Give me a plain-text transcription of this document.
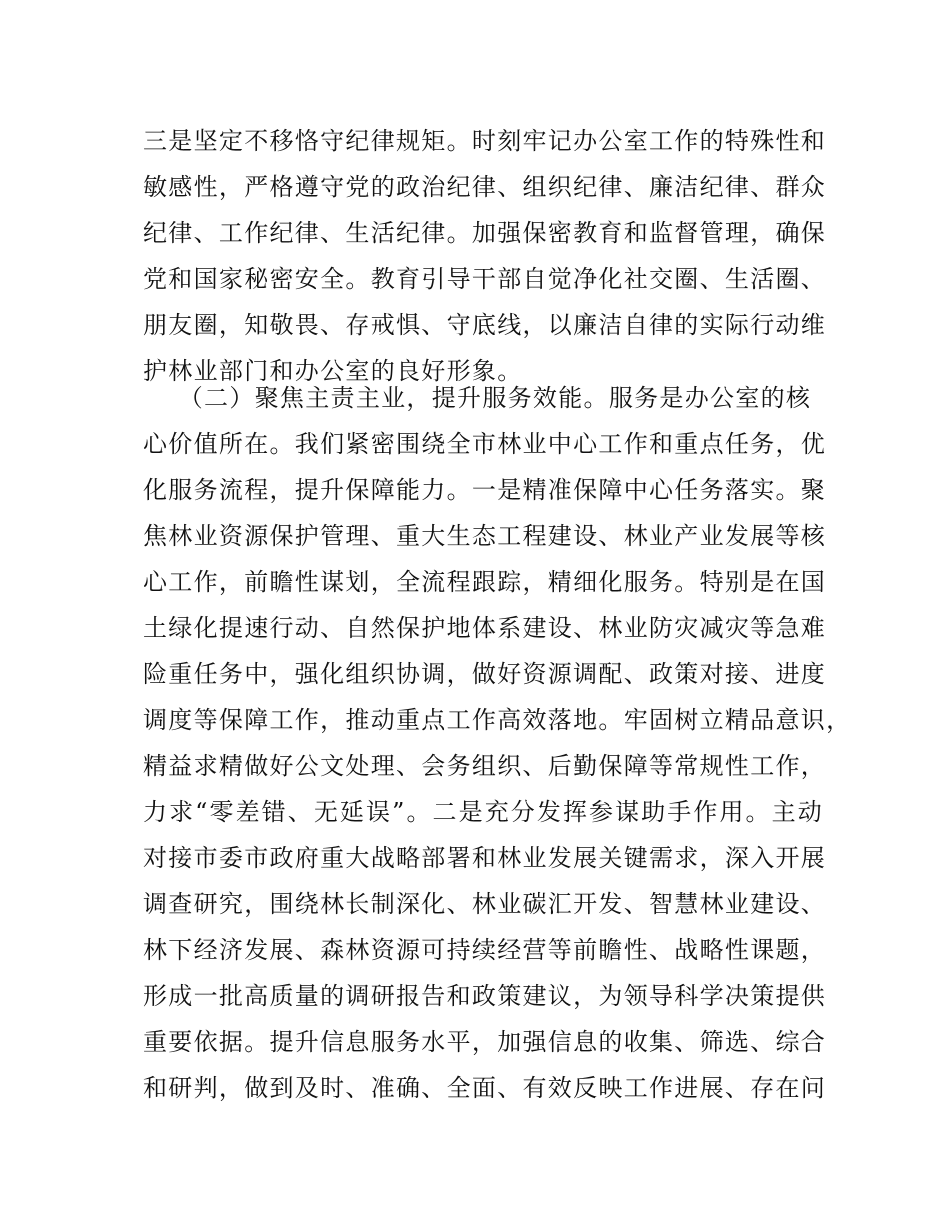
三是坚定不移恪守纪律规矩。时刻牢记办公室工作的特殊性和
敏感性，严格遵守党的政治纪律、组织纪律、廉洁纪律、群众
纪律、工作纪律、生活纪律。加强保密教育和监督管理，确保
党和国家秘密安全。教育引导干部自觉净化社交圈、生活圈、
朋友圈，知敬畏、存戒惧、守底线，以廉洁自律的实际行动维
护林业部门和办公室的良好形象。
（二）聚焦主责主业，提升服务效能。服务是办公室的核
心价值所在。我们紧密围绕全市林业中心工作和重点任务，优
化服务流程，提升保障能力。一是精准保障中心任务落实。聚
焦林业资源保护管理、重大生态工程建设、林业产业发展等核
心工作，前瞻性谋划，全流程跟踪，精细化服务。特别是在国
土绿化提速行动、自然保护地体系建设、林业防灾减灾等急难
险重任务中，强化组织协调，做好资源调配、政策对接、进度
调度等保障工作，推动重点工作高效落地。牢固树立精品意识，
精益求精做好公文处理、会务组织、后勤保障等常规性工作，
力求“零差错、无延误”。二是充分发挥参谋助手作用。主动
对接市委市政府重大战略部署和林业发展关键需求，深入开展
调查研究，围绕林长制深化、林业碳汇开发、智慧林业建设、
林下经济发展、森林资源可持续经营等前瞻性、战略性课题，
形成一批高质量的调研报告和政策建议，为领导科学决策提供
重要依据。提升信息服务水平，加强信息的收集、筛选、综合
和研判，做到及时、准确、全面、有效反映工作进展、存在问
